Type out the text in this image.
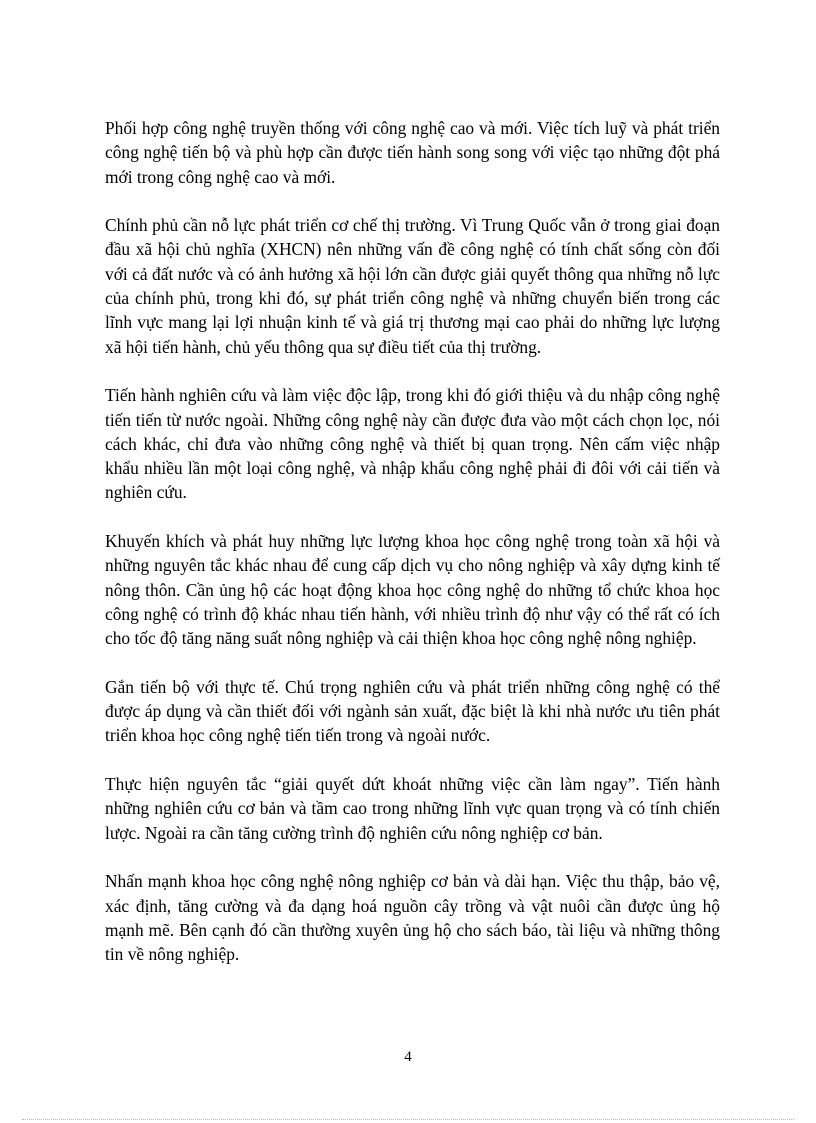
Phối hợp công nghệ truyền thống với công nghệ cao và mới. Việc tích luỹ và phát triển công nghệ tiến bộ và phù hợp cần được tiến hành song song với việc tạo những đột phá mới trong công nghệ cao và mới.

Chính phủ cần nỗ lực phát triển cơ chế thị trường. Vì Trung Quốc vẫn ở trong giai đoạn đầu xã hội chủ nghĩa (XHCN) nên những vấn đề công nghệ có tính chất sống còn đối với cả đất nước và có ảnh hưởng xã hội lớn cần được giải quyết thông qua những nỗ lực của chính phủ, trong khi đó, sự phát triển công nghệ và những chuyển biến trong các lĩnh vực mang lại lợi nhuận kinh tế và giá trị thương mại cao phải do những lực lượng xã hội tiến hành, chủ yếu thông qua sự điều tiết của thị trường.

Tiến hành nghiên cứu và làm việc độc lập, trong khi đó giới thiệu và du nhập công nghệ tiến tiến từ nước ngoài. Những công nghệ này cần được đưa vào một cách chọn lọc, nói cách khác, chỉ đưa vào những công nghệ và thiết bị quan trọng. Nên cấm việc nhập khẩu nhiều lần một loại công nghệ, và nhập khẩu công nghệ phải đi đôi với cải tiến và nghiên cứu.

Khuyến khích và phát huy những lực lượng khoa học công nghệ trong toàn xã hội và những nguyên tắc khác nhau để cung cấp dịch vụ cho nông nghiệp và xây dựng kinh tế nông thôn. Cần ủng hộ các hoạt động khoa học công nghệ do những tổ chức khoa học công nghệ có trình độ khác nhau tiến hành, với nhiều trình độ như vậy có thể rất có ích cho tốc độ tăng năng suất nông nghiệp và cải thiện khoa học công nghệ nông nghiệp.

Gắn tiến bộ với thực tế. Chú trọng nghiên cứu và phát triển những công nghệ có thể được áp dụng và cần thiết đối với ngành sản xuất, đặc biệt là khi nhà nước ưu tiên phát triển khoa học công nghệ tiến tiến trong và ngoài nước.

Thực hiện nguyên tắc “giải quyết dứt khoát những việc cần làm ngay”. Tiến hành những nghiên cứu cơ bản và tầm cao trong những lĩnh vực quan trọng và có tính chiến lược. Ngoài ra cần tăng cường trình độ nghiên cứu nông nghiệp cơ bản.

Nhấn mạnh khoa học công nghệ nông nghiệp cơ bản và dài hạn. Việc thu thập, bảo vệ, xác định, tăng cường và đa dạng hoá nguồn cây trồng và vật nuôi cần được ủng hộ mạnh mẽ. Bên cạnh đó cần thường xuyên ủng hộ cho sách báo, tài liệu và những thông tin về nông nghiệp.

4
